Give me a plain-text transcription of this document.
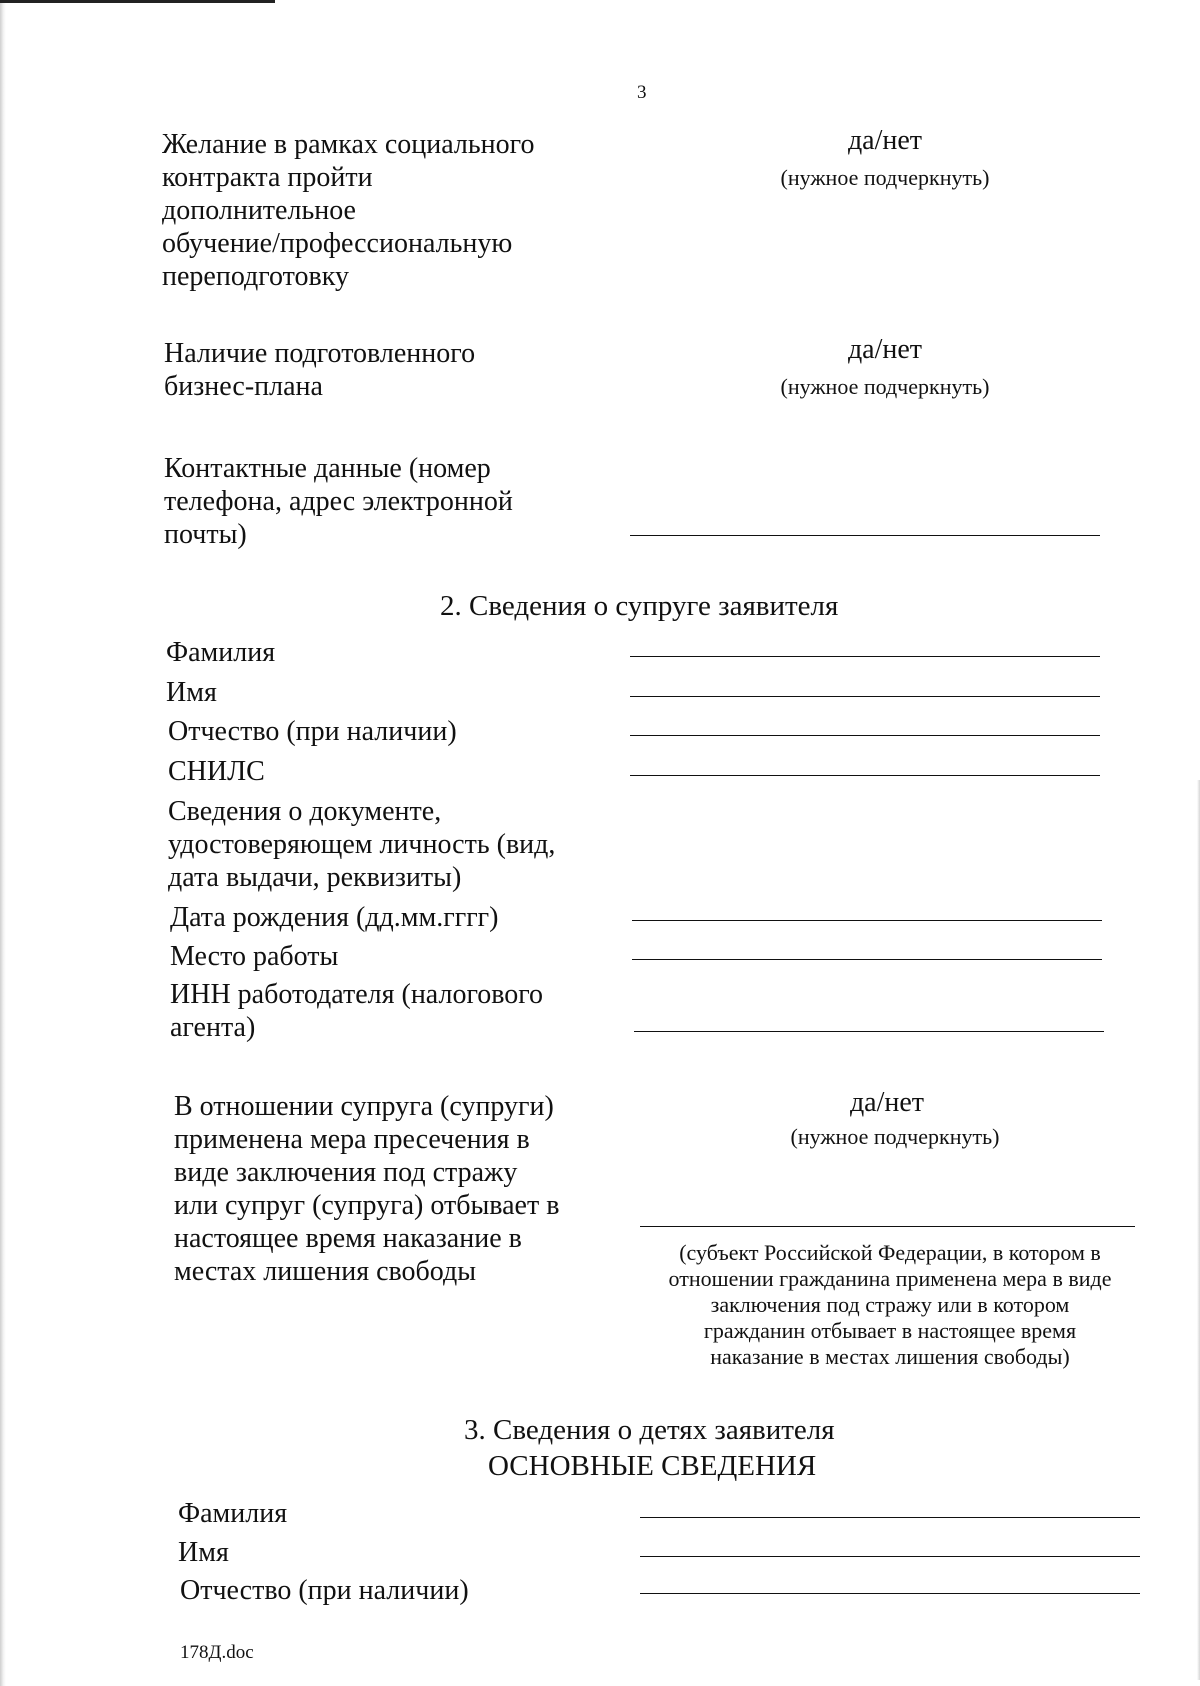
3
Желание в рамках социального
контракта пройти
дополнительное
обучение/профессиональную
переподготовку
да/нет
(нужное подчеркнуть)
Наличие подготовленного
бизнес-плана
да/нет
(нужное подчеркнуть)
Контактные данные (номер
телефона, адрес электронной
почты)
2. Сведения о супруге заявителя
Фамилия
Имя
Отчество (при наличии)
СНИЛС
Сведения о документе,
удостоверяющем личность (вид,
дата выдачи, реквизиты)
Дата рождения (дд.мм.гггг)
Место работы
ИНН работодателя (налогового
агента)
В отношении супруга (супруги)
применена мера пресечения в
виде заключения под стражу
или супруг (супруга) отбывает в
настоящее время наказание в
местах лишения свободы
да/нет
(нужное подчеркнуть)
(субъект Российской Федерации, в котором в
отношении гражданина применена мера в виде
заключения под стражу или в котором
гражданин отбывает в настоящее время
наказание в местах лишения свободы)
3. Сведения о детях заявителя
ОСНОВНЫЕ СВЕДЕНИЯ
Фамилия
Имя
Отчество (при наличии)
178Д.doc
